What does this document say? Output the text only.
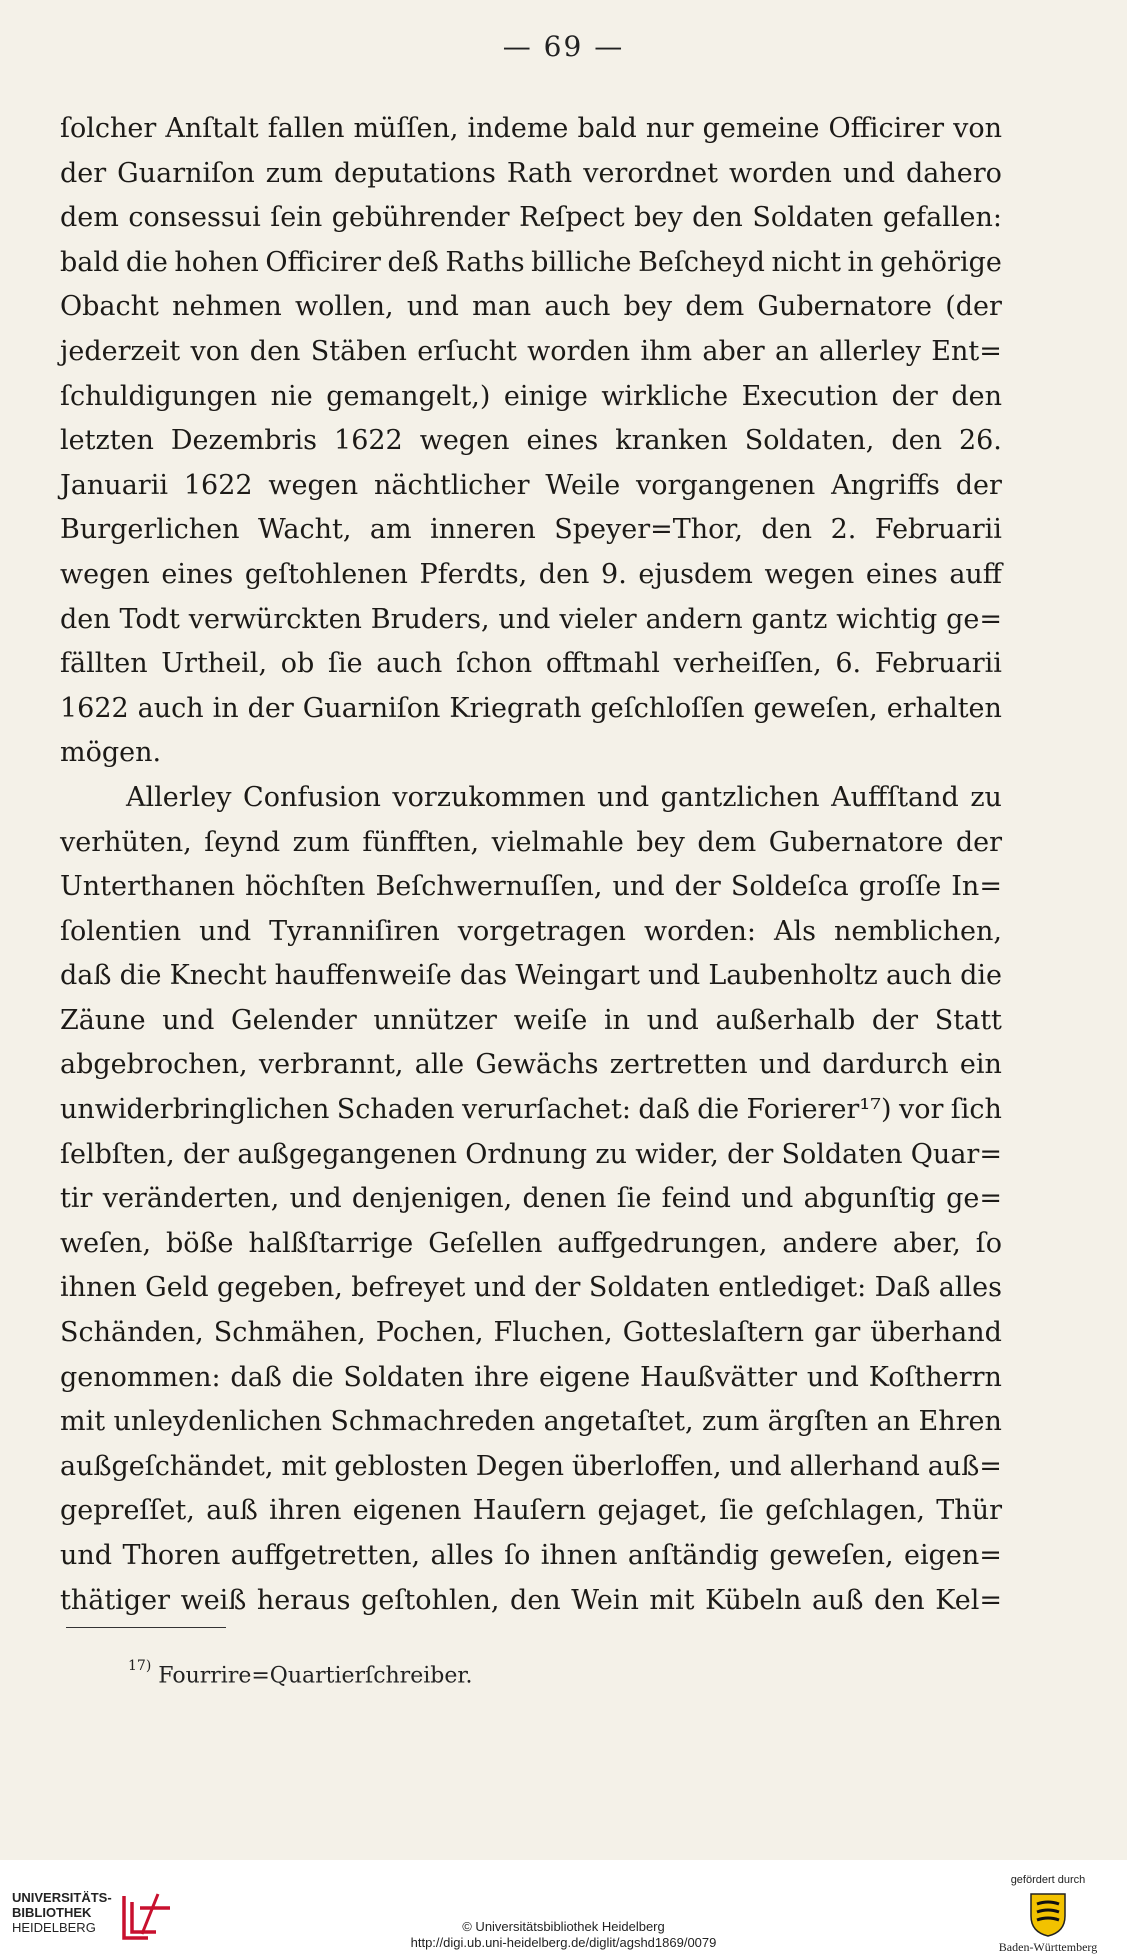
— 69 —
ſolcher Anſtalt fallen müſſen, indeme bald nur gemeine Officirer von
der Guarniſon zum deputations Rath verordnet worden und dahero
dem consessui ſein gebührender Reſpect bey den Soldaten gefallen:
bald die hohen Officirer deß Raths billiche Beſcheyd nicht in gehörige
Obacht nehmen wollen, und man auch bey dem Gubernatore (der
jederzeit von den Stäben erſucht worden ihm aber an allerley Ent=
ſchuldigungen nie gemangelt,) einige wirkliche Execution der den
letzten Dezembris 1622 wegen eines kranken Soldaten, den 26.
Januarii 1622 wegen nächtlicher Weile vorgangenen Angriffs der
Burgerlichen Wacht, am inneren Speyer=Thor, den 2. Februarii
wegen eines geſtohlenen Pferdts, den 9. ejusdem wegen eines auff
den Todt verwürckten Bruders, und vieler andern gantz wichtig ge=
fällten Urtheil, ob ſie auch ſchon offtmahl verheiſſen, 6. Februarii
1622 auch in der Guarniſon Kriegrath geſchloſſen geweſen, erhalten
mögen.
Allerley Confusion vorzukommen und gantzlichen Auffſtand zu
verhüten, ſeynd zum fünfften, vielmahle bey dem Gubernatore der
Unterthanen höchſten Beſchwernuſſen, und der Soldeſca groſſe In=
ſolentien und Tyranniſiren vorgetragen worden: Als nemblichen,
daß die Knecht hauffenweiſe das Weingart und Laubenholtz auch die
Zäune und Gelender unnützer weiſe in und außerhalb der Statt
abgebrochen, verbrannt, alle Gewächs zertretten und dardurch ein
unwiderbringlichen Schaden verurſachet: daß die Forierer¹⁷) vor ſich
ſelbſten, der außgegangenen Ordnung zu wider, der Soldaten Quar=
tir veränderten, und denjenigen, denen ſie feind und abgunſtig ge=
weſen, böße halßſtarrige Geſellen auffgedrungen, andere aber, ſo
ihnen Geld gegeben, befreyet und der Soldaten entlediget: Daß alles
Schänden, Schmähen, Pochen, Fluchen, Gotteslaſtern gar überhand
genommen: daß die Soldaten ihre eigene Haußvätter und Koſtherrn
mit unleydenlichen Schmachreden angetaſtet, zum ärgſten an Ehren
außgeſchändet, mit geblosten Degen überloffen, und allerhand auß=
gepreſſet, auß ihren eigenen Hauſern gejaget, ſie geſchlagen, Thür
und Thoren auffgetretten, alles ſo ihnen anſtändig geweſen, eigen=
thätiger weiß heraus geſtohlen, den Wein mit Kübeln auß den Kel=
$^{17)}$ Fourrire=Quartierſchreiber.
UNIVERSITÄTS-
BIBLIOTHEK
HEIDELBERG	© Universitätsbibliothek Heidelberg
http://digi.ub.uni-heidelberg.de/diglit/agshd1869/0079
gefördert durch
Baden-Württemberg
